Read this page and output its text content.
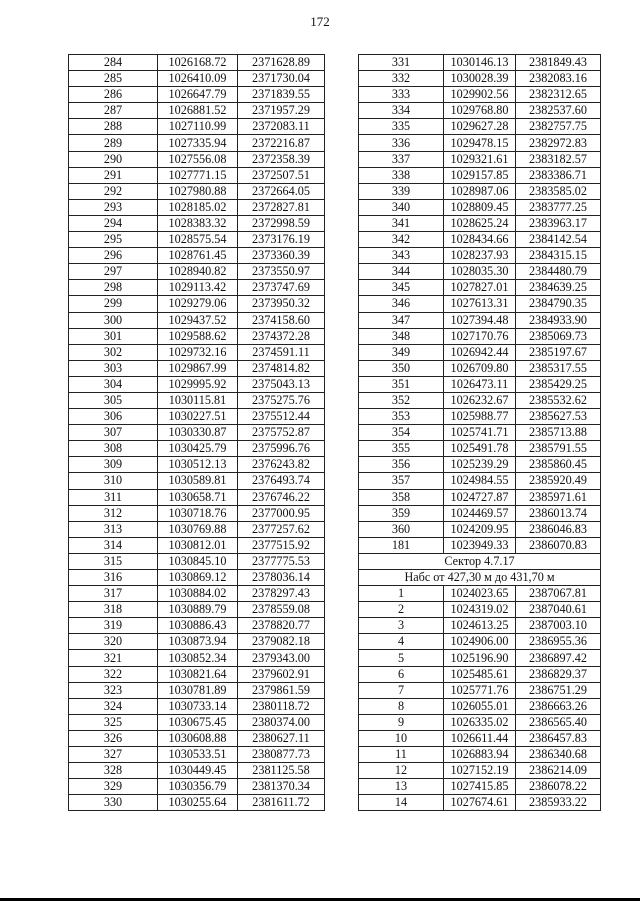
172
284	1026168.72	2371628.89
285	1026410.09	2371730.04
286	1026647.79	2371839.55
287	1026881.52	2371957.29
288	1027110.99	2372083.11
289	1027335.94	2372216.87
290	1027556.08	2372358.39
291	1027771.15	2372507.51
292	1027980.88	2372664.05
293	1028185.02	2372827.81
294	1028383.32	2372998.59
295	1028575.54	2373176.19
296	1028761.45	2373360.39
297	1028940.82	2373550.97
298	1029113.42	2373747.69
299	1029279.06	2373950.32
300	1029437.52	2374158.60
301	1029588.62	2374372.28
302	1029732.16	2374591.11
303	1029867.99	2374814.82
304	1029995.92	2375043.13
305	1030115.81	2375275.76
306	1030227.51	2375512.44
307	1030330.87	2375752.87
308	1030425.79	2375996.76
309	1030512.13	2376243.82
310	1030589.81	2376493.74
311	1030658.71	2376746.22
312	1030718.76	2377000.95
313	1030769.88	2377257.62
314	1030812.01	2377515.92
315	1030845.10	2377775.53
316	1030869.12	2378036.14
317	1030884.02	2378297.43
318	1030889.79	2378559.08
319	1030886.43	2378820.77
320	1030873.94	2379082.18
321	1030852.34	2379343.00
322	1030821.64	2379602.91
323	1030781.89	2379861.59
324	1030733.14	2380118.72
325	1030675.45	2380374.00
326	1030608.88	2380627.11
327	1030533.51	2380877.73
328	1030449.45	2381125.58
329	1030356.79	2381370.34
330	1030255.64	2381611.72
331	1030146.13	2381849.43
332	1030028.39	2382083.16
333	1029902.56	2382312.65
334	1029768.80	2382537.60
335	1029627.28	2382757.75
336	1029478.15	2382972.83
337	1029321.61	2383182.57
338	1029157.85	2383386.71
339	1028987.06	2383585.02
340	1028809.45	2383777.25
341	1028625.24	2383963.17
342	1028434.66	2384142.54
343	1028237.93	2384315.15
344	1028035.30	2384480.79
345	1027827.01	2384639.25
346	1027613.31	2384790.35
347	1027394.48	2384933.90
348	1027170.76	2385069.73
349	1026942.44	2385197.67
350	1026709.80	2385317.55
351	1026473.11	2385429.25
352	1026232.67	2385532.62
353	1025988.77	2385627.53
354	1025741.71	2385713.88
355	1025491.78	2385791.55
356	1025239.29	2385860.45
357	1024984.55	2385920.49
358	1024727.87	2385971.61
359	1024469.57	2386013.74
360	1024209.95	2386046.83
181	1023949.33	2386070.83
Сектор 4.7.17		
Набс от 427,30 м до 431,70 м		
1	1024023.65	2387067.81
2	1024319.02	2387040.61
3	1024613.25	2387003.10
4	1024906.00	2386955.36
5	1025196.90	2386897.42
6	1025485.61	2386829.37
7	1025771.76	2386751.29
8	1026055.01	2386663.26
9	1026335.02	2386565.40
10	1026611.44	2386457.83
11	1026883.94	2386340.68
12	1027152.19	2386214.09
13	1027415.85	2386078.22
14	1027674.61	2385933.22
